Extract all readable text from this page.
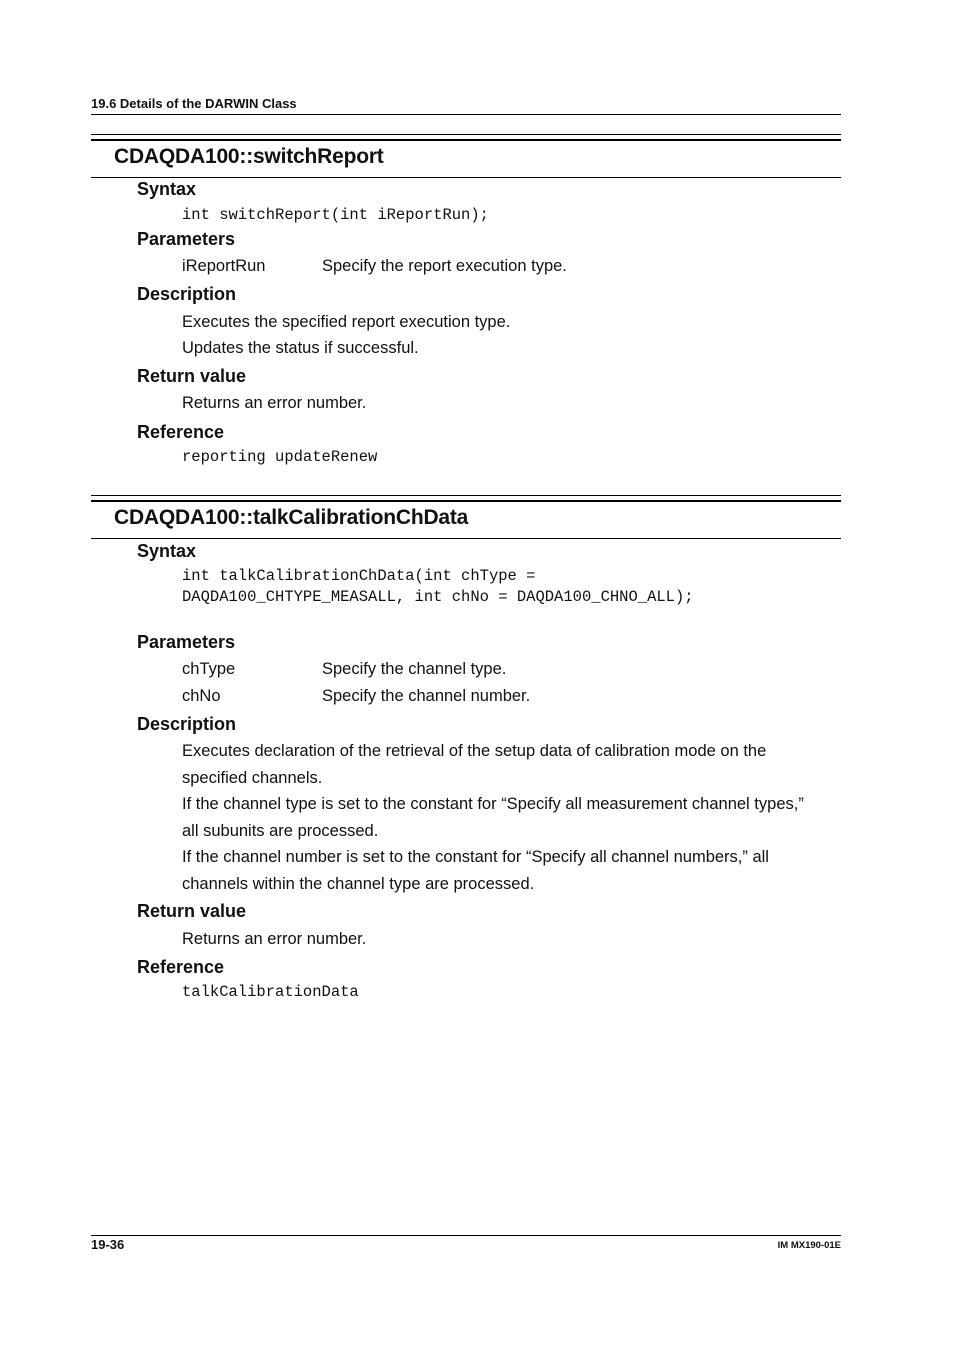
19.6 Details of the DARWIN Class
CDAQDA100::switchReport
Syntax
int switchReport(int iReportRun);
Parameters
iReportRun	Specify the report execution type.
Description
Executes the specified report execution type.
Updates the status if successful.
Return value
Returns an error number.
Reference
reporting updateRenew
CDAQDA100::talkCalibrationChData
Syntax
int talkCalibrationChData(int chType =
DAQDA100_CHTYPE_MEASALL, int chNo = DAQDA100_CHNO_ALL);
Parameters
chType	Specify the channel type.
chNo	Specify the channel number.
Description
Executes declaration of the retrieval of the setup data of calibration mode on the specified channels.
If the channel type is set to the constant for “Specify all measurement channel types,” all subunits are processed.
If the channel number is set to the constant for “Specify all channel numbers,” all channels within the channel type are processed.
Return value
Returns an error number.
Reference
talkCalibrationData
19-36	IM MX190-01E
